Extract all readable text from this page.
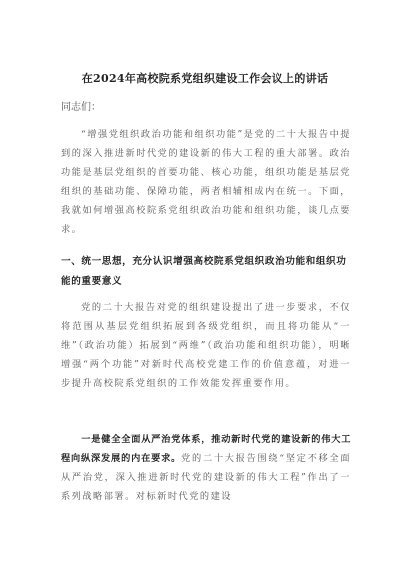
在2024年高校院系党组织建设工作会议上的讲话
同志们：

“增强党组织政治功能和组织功能”是党的二十大报告中提到的深入推进新时代党的建设新的伟大工程的重大部署。政治功能是基层党组织的首要功能、核心功能，组织功能是基层党组织的基础功能、保障功能，两者相辅相成内在统一。下面，我就如何增强高校院系党组织政治功能和组织功能，谈几点要求。

一、统一思想，充分认识增强高校院系党组织政治功能和组织功能的重要意义

党的二十大报告对党的组织建设提出了进一步要求，不仅将范围从基层党组织拓展到各级党组织，而且将功能从“一维”（政治功能）拓展到“两维”（政治功能和组织功能），明晰增强“两个功能”对新时代高校党建工作的价值意蕴，对进一步提升高校院系党组织的工作效能发挥重要作用。

一是健全全面从严治党体系，推动新时代党的建设新的伟大工程向纵深发展的内在要求。党的二十大报告围绕“坚定不移全面从严治党，深入推进新时代党的建设新的伟大工程”作出了一系列战略部署。对标新时代党的建设
